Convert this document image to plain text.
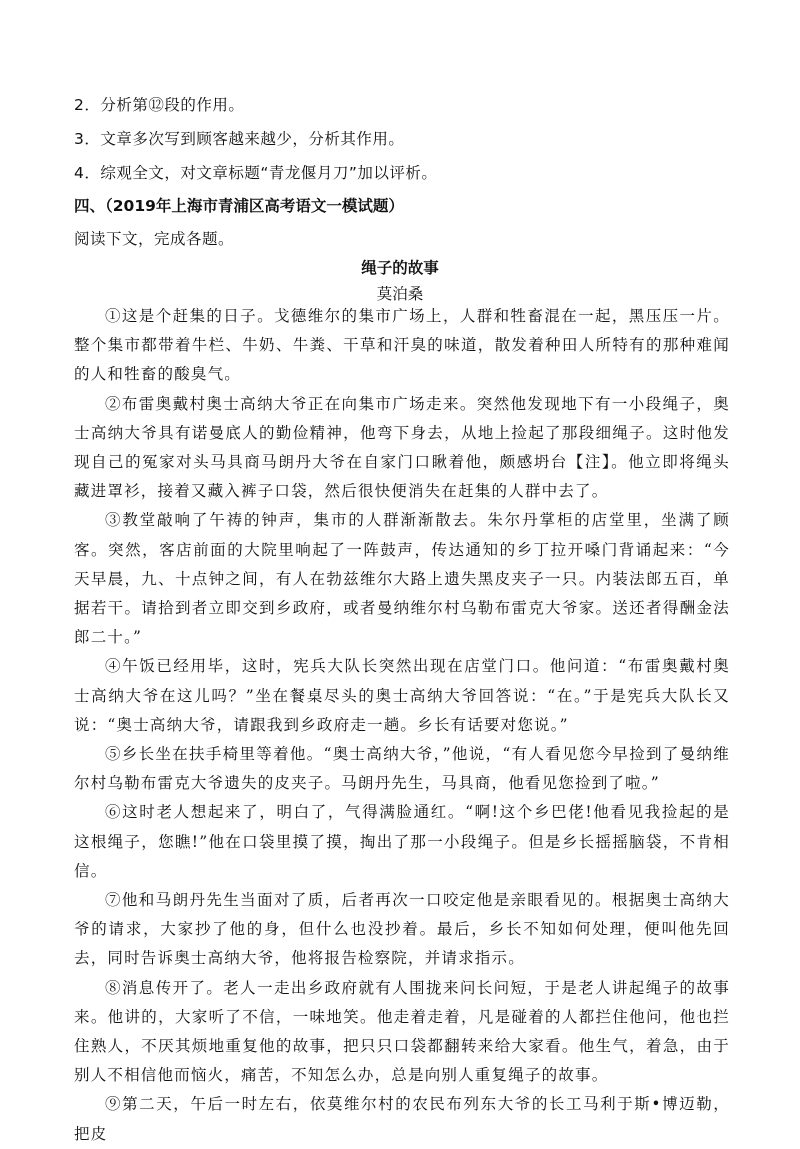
2．分析第⑫段的作用。
3．文章多次写到顾客越来越少，分析其作用。
4．综观全文，对文章标题“青龙偃月刀”加以评析。
四、（2019年上海市青浦区高考语文一模试题）
阅读下文，完成各题。
绳子的故事
莫泊桑

①这是个赶集的日子。戈德维尔的集市广场上，人群和牲畜混在一起，黑压压一片。整个集市都带着牛栏、牛奶、牛粪、干草和汗臭的味道，散发着种田人所特有的那种难闻的人和牲畜的酸臭气。

②布雷奥戴村奥士高纳大爷正在向集市广场走来。突然他发现地下有一小段绳子，奥士高纳大爷具有诺曼底人的勤俭精神，他弯下身去，从地上捡起了那段细绳子。这时他发现自己的冤家对头马具商马朗丹大爷在自家门口瞅着他，颇感坍台【注】。他立即将绳头藏进罩衫，接着又藏入裤子口袋，然后很快便消失在赶集的人群中去了。

③教堂敲响了午祷的钟声，集市的人群渐渐散去。朱尔丹掌柜的店堂里，坐满了顾客。突然，客店前面的大院里响起了一阵鼓声，传达通知的乡丁拉开嗓门背诵起来：“今天早晨，九、十点钟之间，有人在勃兹维尔大路上遗失黑皮夹子一只。内装法郎五百，单据若干。请拾到者立即交到乡政府，或者曼纳维尔村乌勒布雷克大爷家。送还者得酬金法郎二十。”

④午饭已经用毕，这时，宪兵大队长突然出现在店堂门口。他问道：“布雷奥戴村奥士高纳大爷在这儿吗？”坐在餐桌尽头的奥士高纳大爷回答说：“在。”于是宪兵大队长又说：“奥士高纳大爷，请跟我到乡政府走一趟。乡长有话要对您说。”

⑤乡长坐在扶手椅里等着他。“奥士高纳大爷，”他说，“有人看见您今早捡到了曼纳维尔村乌勒布雷克大爷遗失的皮夹子。马朗丹先生，马具商，他看见您捡到了啦。”

⑥这时老人想起来了，明白了，气得满脸通红。“啊!这个乡巴佬!他看见我捡起的是这根绳子，您瞧!”他在口袋里摸了摸，掏出了那一小段绳子。但是乡长摇摇脑袋，不肯相信。

⑦他和马朗丹先生当面对了质，后者再次一口咬定他是亲眼看见的。根据奥士高纳大爷的请求，大家抄了他的身，但什么也没抄着。最后，乡长不知如何处理，便叫他先回去，同时告诉奥士高纳大爷，他将报告检察院，并请求指示。

⑧消息传开了。老人一走出乡政府就有人围拢来问长问短，于是老人讲起绳子的故事来。他讲的，大家听了不信，一味地笑。他走着走着，凡是碰着的人都拦住他问，他也拦住熟人，不厌其烦地重复他的故事，把只只口袋都翻转来给大家看。他生气，着急，由于别人不相信他而恼火，痛苦，不知怎么办，总是向别人重复绳子的故事。

⑨第二天，午后一时左右，依莫维尔村的农民布列东大爷的长工马利于斯•博迈勒，把皮
